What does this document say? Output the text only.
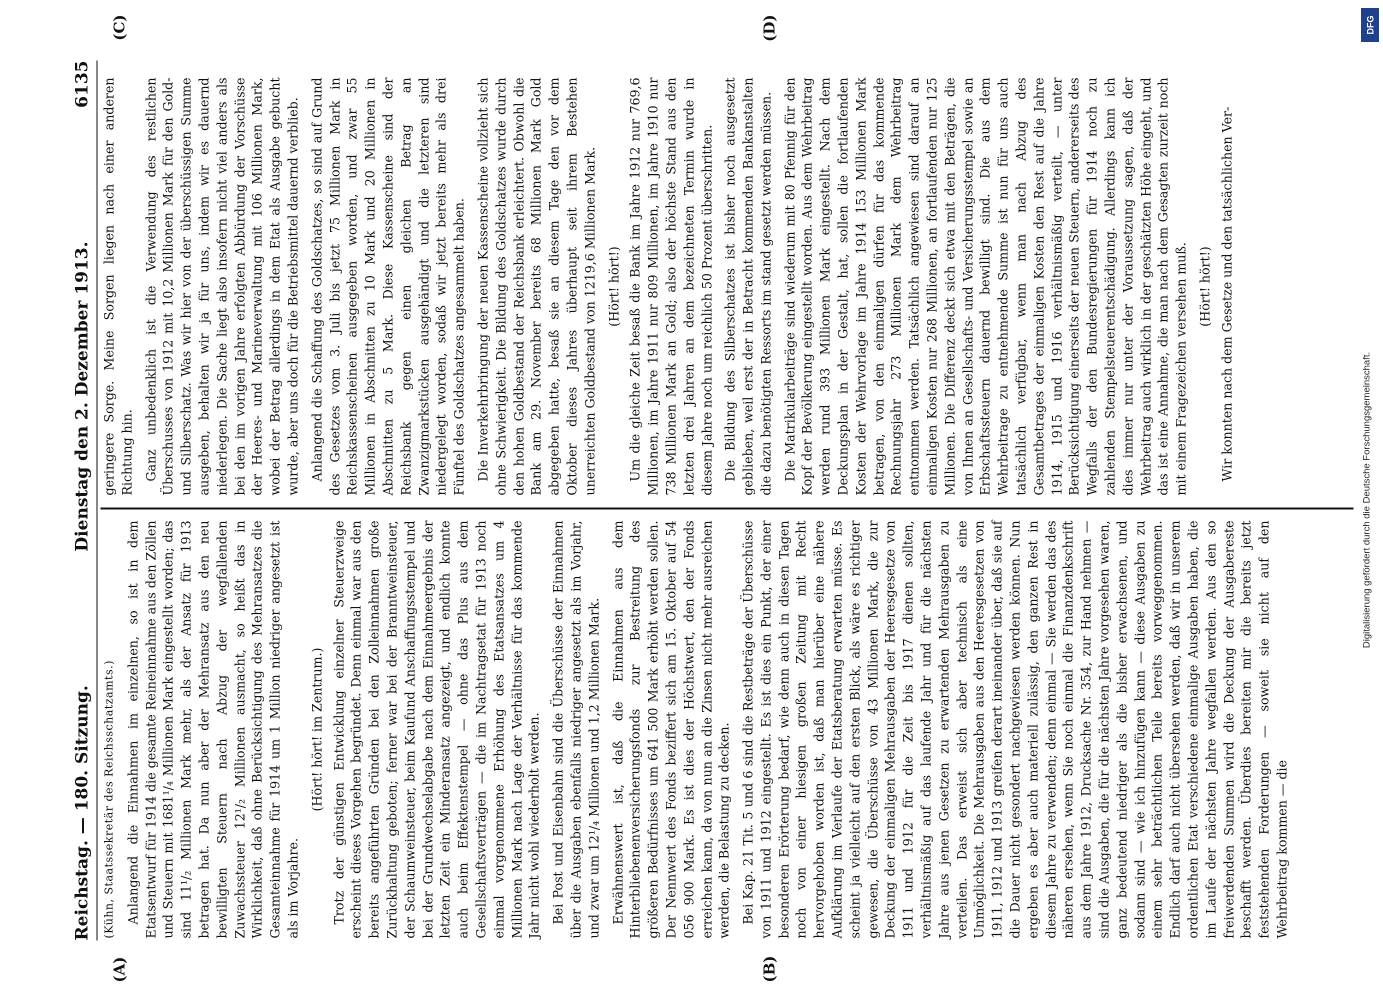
Reichstag. — 180. Sitzung.
Dienstag den 2. Dezember 1913.
6135
(A)	(B)
(C)	(D)

(Kühn, Staatssekretär des Reichsschatzamts.) Anlangend die Einnahmen im einzelnen, so ist in dem Etatsentwurf für 1914 die gesamte Reineinnahme aus den Zöllen und Steuern mit 1681¹/₄ Millionen Mark eingestellt worden; das sind 11¹/₂ Millionen Mark mehr, als der Ansatz für 1913 betragen hat. Da nun aber der Mehransatz aus den neu bewilligten Steuern nach Abzug der wegfallenden Zuwachssteuer 12¹/₂ Millionen ausmacht, so heißt das in Wirklichkeit, daß ohne Berücksichtigung des Mehransatzes die Gesamteinnahme für 1914 um 1 Million niedriger angesetzt ist als im Vorjahre.

(Hört! hört! im Zentrum.) Trotz der günstigen Entwicklung einzelner Steuerzweige erscheint dieses Vorgehen begründet. Denn einmal war aus den bereits angeführten Gründen bei den Zolleinnahmen große Zurückhaltung geboten; ferner war bei der Branntweinsteuer, der Schaumweinsteuer, beim Kaufund Anschaffungsstempel und bei der Grundwechselabgabe nach dem Einnahmeergebnis der letzten Zeit ein Minderansatz angezeigt, und endlich konnte auch beim Effektenstempel — ohne das Plus aus dem Gesellschaftsverträgen — die im Nachtragsetat für 1913 noch einmal vorgenommene Erhöhung des Etatsansatzes um 4 Millionen Mark nach Lage der Verhältnisse für das kommende Jahr nicht wohl wiederholt werden. Bei Post und Eisenbahn sind die Überschüsse der Einnahmen über die Ausgaben ebenfalls niedriger angesetzt als im Vorjahr, und zwar um 12¹/₄ Millionen und 1,2 Millionen Mark. Erwähnenswert ist, daß die Einnahmen aus dem Hinterbliebenenversicherungsfonds zur Bestreitung des größeren Bedürfnisses um 641 500 Mark erhöht werden sollen. Der Nennwert des Fonds beziffert sich am 15. Oktober auf 54 056 900 Mark. Es ist dies der Höchstwert, den der Fonds erreichen kann, da von nun an die Zinsen nicht mehr ausreichen werden, die Belastung zu decken. Bei Kap. 21 Tit. 5 und 6 sind die Restbeträge der Überschüsse von 1911 und 1912 eingestellt. Es ist dies ein Punkt, der einer besonderen Erörterung bedarf, wie denn auch in diesen Tagen noch von einer hiesigen großen Zeitung mit Recht hervorgehoben worden ist, daß man hierüber eine nähere Aufklärung im Verlaufe der Etatsberatung erwarten müsse. Es scheint ja vielleicht auf den ersten Blick, als wäre es richtiger gewesen, die Überschüsse von 43 Millionen Mark, die zur Deckung der einmaligen Mehrausgaben der Heeresgesetze von 1911 und 1912 für die Zeit bis 1917 dienen sollten, verhältnismäßig auf das laufende Jahr und für die nächsten Jahre aus jenen Gesetzen zu erwartenden Mehrausgaben zu verteilen. Das erweist sich aber technisch als eine Unmöglichkeit. Die Mehrausgaben aus den Heeresgesetzen von 1911, 1912 und 1913 greifen derart ineinander über, daß sie auf die Dauer nicht gesondert nachgewiesen werden können. Nun ergeben es aber auch materiell zulässig, den ganzen Rest in diesem Jahre zu verwenden; denn einmal — Sie werden das des näheren ersehen, wenn Sie noch einmal die Finanzdenkschrift aus dem Jahre 1912, Drucksache Nr. 354, zur Hand nehmen — sind die Ausgaben, die für die nächsten Jahre vorgesehen waren, ganz bedeutend niedriger als die bisher erwachsenen, und sodann sind — wie ich hinzufügen kann — diese Ausgaben zu einem sehr beträchtlichen Teile bereits vorweggenommen. Endlich darf auch nicht übersehen werden, daß wir in unserem ordentlichen Etat verschiedene einmalige Ausgaben haben, die im Laufe der nächsten Jahre wegfallen werden. Aus den so freiwerdenden Summen wird die Deckung der Ausgabereste beschafft werden. Überdies bereiten mir die bereits jetzt feststehenden Forderungen — soweit sie nicht auf den Wehrbeitrag kommen — die

geringere Sorge. Meine Sorgen liegen nach einer anderen Richtung hin. Ganz unbedenklich ist die Verwendung des restlichen Überschusses von 1912 mit 10,2 Millionen Mark für den Gold- und Silberschatz. Was wir hier von der überschüssigen Summe ausgeben, behalten wir ja für uns, indem wir es dauernd niederlegen. Die Sache liegt also insofern nicht viel anders als bei den im vorigen Jahre erfolgten Abbürdung der Vorschüsse der Heeres- und Marineverwaltung mit 106 Millionen Mark, wobei der Betrag allerdings in dem Etat als Ausgabe gebucht wurde, aber uns doch für die Betriebsmittel dauernd verblieb. Anlangend die Schaffung des Goldschatzes, so sind auf Grund des Gesetzes vom 3. Juli bis jetzt 75 Millionen Mark in Reichskassenscheinen ausgegeben worden, und zwar 55 Millionen in Abschnitten zu 10 Mark und 20 Millionen in Abschnitten zu 5 Mark. Diese Kassenscheine sind der Reichsbank gegen einen gleichen Betrag an Zwanzigmarkstücken ausgehändigt und die letzteren sind niedergelegt worden, sodaß wir jetzt bereits mehr als drei Fünftel des Goldschatzes angesammelt haben. Die Inverkehrbringung der neuen Kassenscheine vollzieht sich ohne Schwierigkeit. Die Bildung des Goldschatzes wurde durch den hohen Goldbestand der Reichsbank erleichtert. Obwohl die Bank am 29. November bereits 68 Millionen Mark Gold abgegeben hatte, besaß sie an diesem Tage den vor dem Oktober dieses Jahres überhaupt seit ihrem Bestehen unerreichten Goldbestand von 1219,6 Millionen Mark. (Hört! hört!) Um die gleiche Zeit besaß die Bank im Jahre 1912 nur 769,6 Millionen, im Jahre 1911 nur 809 Millionen, im Jahre 1910 nur 738 Millionen Mark an Gold; also der höchste Stand aus den letzten drei Jahren an dem bezeichneten Termin wurde in diesem Jahre noch um reichlich 50 Prozent überschritten. Die Bildung des Silberschatzes ist bisher noch ausgesetzt geblieben, weil erst der in Betracht kommenden Bankanstalten die dazu benötigten Ressorts im stand gesetzt werden müssen. Die Matrikularbeiträge sind wiederum mit 80 Pfennig für den Kopf der Bevölkerung eingestellt worden. Aus dem Wehrbeitrag werden rund 393 Millionen Mark eingestellt. Nach dem Deckungsplan in der Gestalt, hat, sollen die fortlaufenden Kosten der Wehrvorlage im Jahre 1914 153 Millionen Mark betragen, von den einmaligen dürfen für das kommende Rechnungsjahr 273 Millionen Mark dem Wehrbeitrag entnommen werden. Tatsächlich angewiesen sind darauf an einmaligen Kosten nur 268 Millionen, an fortlaufenden nur 125 Millionen. Die Differenz deckt sich etwa mit den Beträgen, die von Ihnen an Gesellschafts- und Versicherungsstempel sowie an Erbschaftssteuern dauernd bewilligt sind. Die aus dem Wehrbeitrage zu entnehmende Summe ist nun für uns auch tatsächlich verfügbar, wenn man nach Abzug des Gesamtbetrages der einmaligen Kosten den Rest auf die Jahre 1914, 1915 und 1916 verhältnismäßig verteilt, — unter Berücksichtigung einerseits der neuen Steuern, andererseits des Wegfalls der den Bundesregierungen für 1914 noch zu zahlenden Stempelsteuerentschädigung. Allerdings kann ich dies immer nur unter der Voraussetzung sagen, daß der Wehrbeitrag auch wirklich in der geschätzten Höhe eingeht, und das ist eine Annahme, die man nach dem Gesagten zurzeit noch mit einem Fragezeichen versehen muß. (Hört! hört!) Wir konnten nach dem Gesetze und den tatsächlichen Ver-

Digitalisierung gefördert durch die Deutsche Forschungsgemeinschaft.
DFG
